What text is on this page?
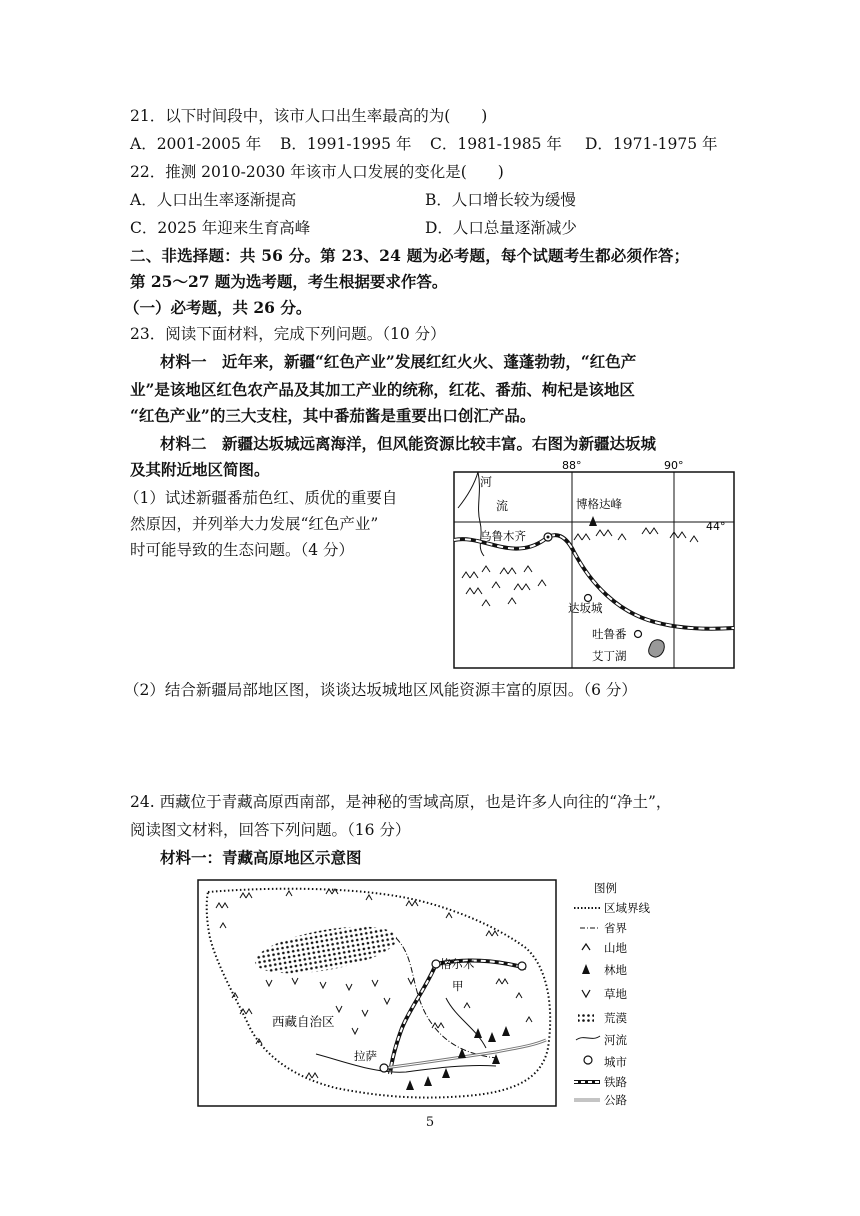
21．以下时间段中，该市人口出生率最高的为(　　)
A．2001-2005 年 B．1991-1995 年 C．1981-1985 年 D．1971-1975 年
22．推测 2010-2030 年该市人口发展的变化是(　　)
A．人口出生率逐渐提高	B．人口增长较为缓慢
C．2025 年迎来生育高峰	D．人口总量逐渐减少
二、非选择题：共 56 分。第 23、24 题为必考题，每个试题考生都必须作答；
第 25～27 题为选考题，考生根据要求作答。
（一）必考题，共 26 分。
23．阅读下面材料，完成下列问题。（10 分）
材料一　近年来，新疆“红色产业”发展红红火火、蓬蓬勃勃，“红色产
业”是该地区红色农产品及其加工产业的统称，红花、番茄、枸杞是该地区
“红色产业”的三大支柱，其中番茄酱是重要出口创汇产品。
材料二　新疆达坂城远离海洋，但风能资源比较丰富。右图为新疆达坂城
及其附近地区简图。
（1）试述新疆番茄色红、质优的重要自
然原因，并列举大力发展“红色产业”
时可能导致的生态问题。（4 分）
88°	90°
44°
河
流	博格达峰
乌鲁木齐
达坂城
吐鲁番
艾丁湖
（2）结合新疆局部地区图，谈谈达坂城地区风能资源丰富的原因。（6 分）
24. 西藏位于青藏高原西南部，是神秘的雪域高原，也是许多人向往的“净土”，
阅读图文材料，回答下列问题。（16 分）
材料一：青藏高原地区示意图
格尔木
甲
西藏自治区
拉萨
图例
区域界线
省界
山地
林地
草地
荒漠
河流
城市
铁路
公路
5
